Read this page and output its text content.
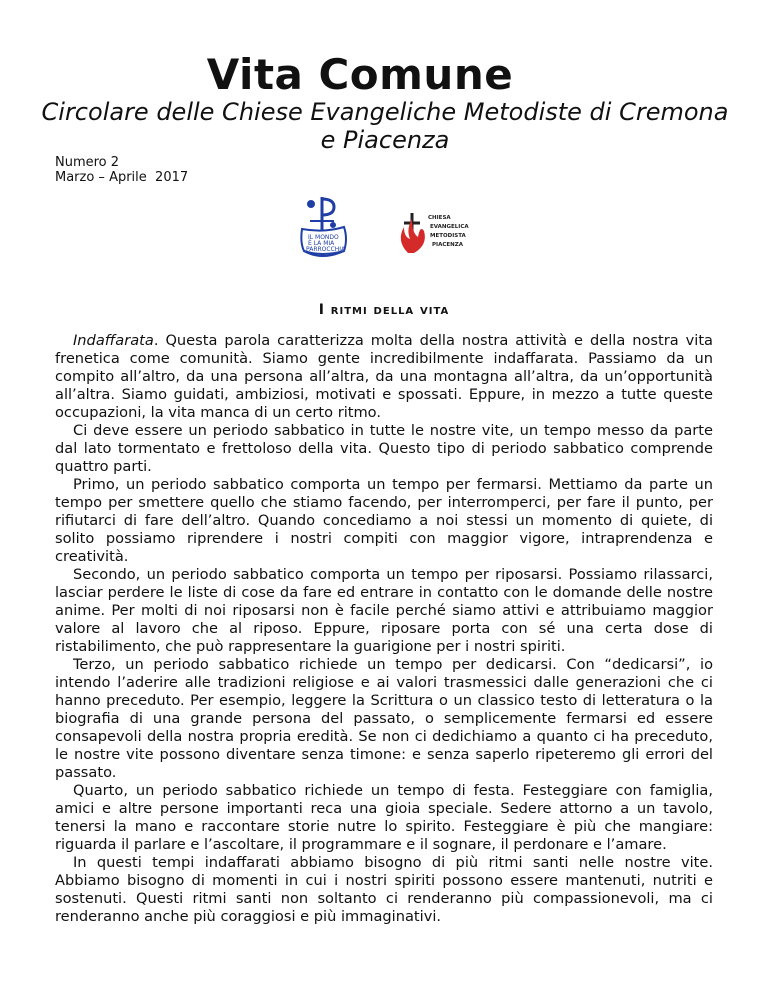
Vita Comune
Circolare delle Chiese Evangeliche Metodiste di Cremona e Piacenza
Numero 2
Marzo – Aprile  2017
IL MONDO
È LA MIA
PARROCCHIA
CHIESA
EVANGELICA
METODISTA
PIACENZA
I ritmi della vita

Indaffarata. Questa parola caratterizza molta della nostra attività e della nostra vita frenetica come comunità. Siamo gente incredibilmente indaffarata. Passiamo da un compito all’altro, da una persona all’altra, da una montagna all’altra, da un’opportunità all’altra. Siamo guidati, ambiziosi, motivati e spossati. Eppure, in mezzo a tutte queste occupazioni, la vita manca di un certo ritmo.

Ci deve essere un periodo sabbatico in tutte le nostre vite, un tempo messo da parte dal lato tormentato e frettoloso della vita. Questo tipo di periodo sabbatico comprende quattro parti.

Primo, un periodo sabbatico comporta un tempo per fermarsi. Mettiamo da parte un tempo per smettere quello che stiamo facendo, per interromperci, per fare il punto, per rifiutarci di fare dell’altro. Quando concediamo a noi stessi un momento di quiete, di solito possiamo riprendere i nostri compiti con maggior vigore, intraprendenza e creatività.

Secondo, un periodo sabbatico comporta un tempo per riposarsi. Possiamo rilassarci, lasciar perdere le liste di cose da fare ed entrare in contatto con le domande delle nostre anime. Per molti di noi riposarsi non è facile perché siamo attivi e attribuiamo maggior valore al lavoro che al riposo. Eppure, riposare porta con sé una certa dose di ristabilimento, che può rappresentare la guarigione per i nostri spiriti.

Terzo, un periodo sabbatico richiede un tempo per dedicarsi. Con “dedicarsi”, io intendo l’aderire alle tradizioni religiose e ai valori trasmessici dalle generazioni che ci hanno preceduto. Per esempio, leggere la Scrittura o un classico testo di letteratura o la biografia di una grande persona del passato, o semplicemente fermarsi ed essere consapevoli della nostra propria eredità. Se non ci dedichiamo a quanto ci ha preceduto, le nostre vite possono diventare senza timone: e senza saperlo ripeteremo gli errori del passato.

Quarto, un periodo sabbatico richiede un tempo di festa. Festeggiare con famiglia, amici e altre persone importanti reca una gioia speciale. Sedere attorno a un tavolo, tenersi la mano e raccontare storie nutre lo spirito. Festeggiare è più che mangiare: riguarda il parlare e l’ascoltare, il programmare e il sognare, il perdonare e l’amare.

In questi tempi indaffarati abbiamo bisogno di più ritmi santi nelle nostre vite. Abbiamo bisogno di momenti in cui i nostri spiriti possono essere mantenuti, nutriti e sostenuti. Questi ritmi santi non soltanto ci renderanno più compassionevoli, ma ci renderanno anche più coraggiosi e più immaginativi.
